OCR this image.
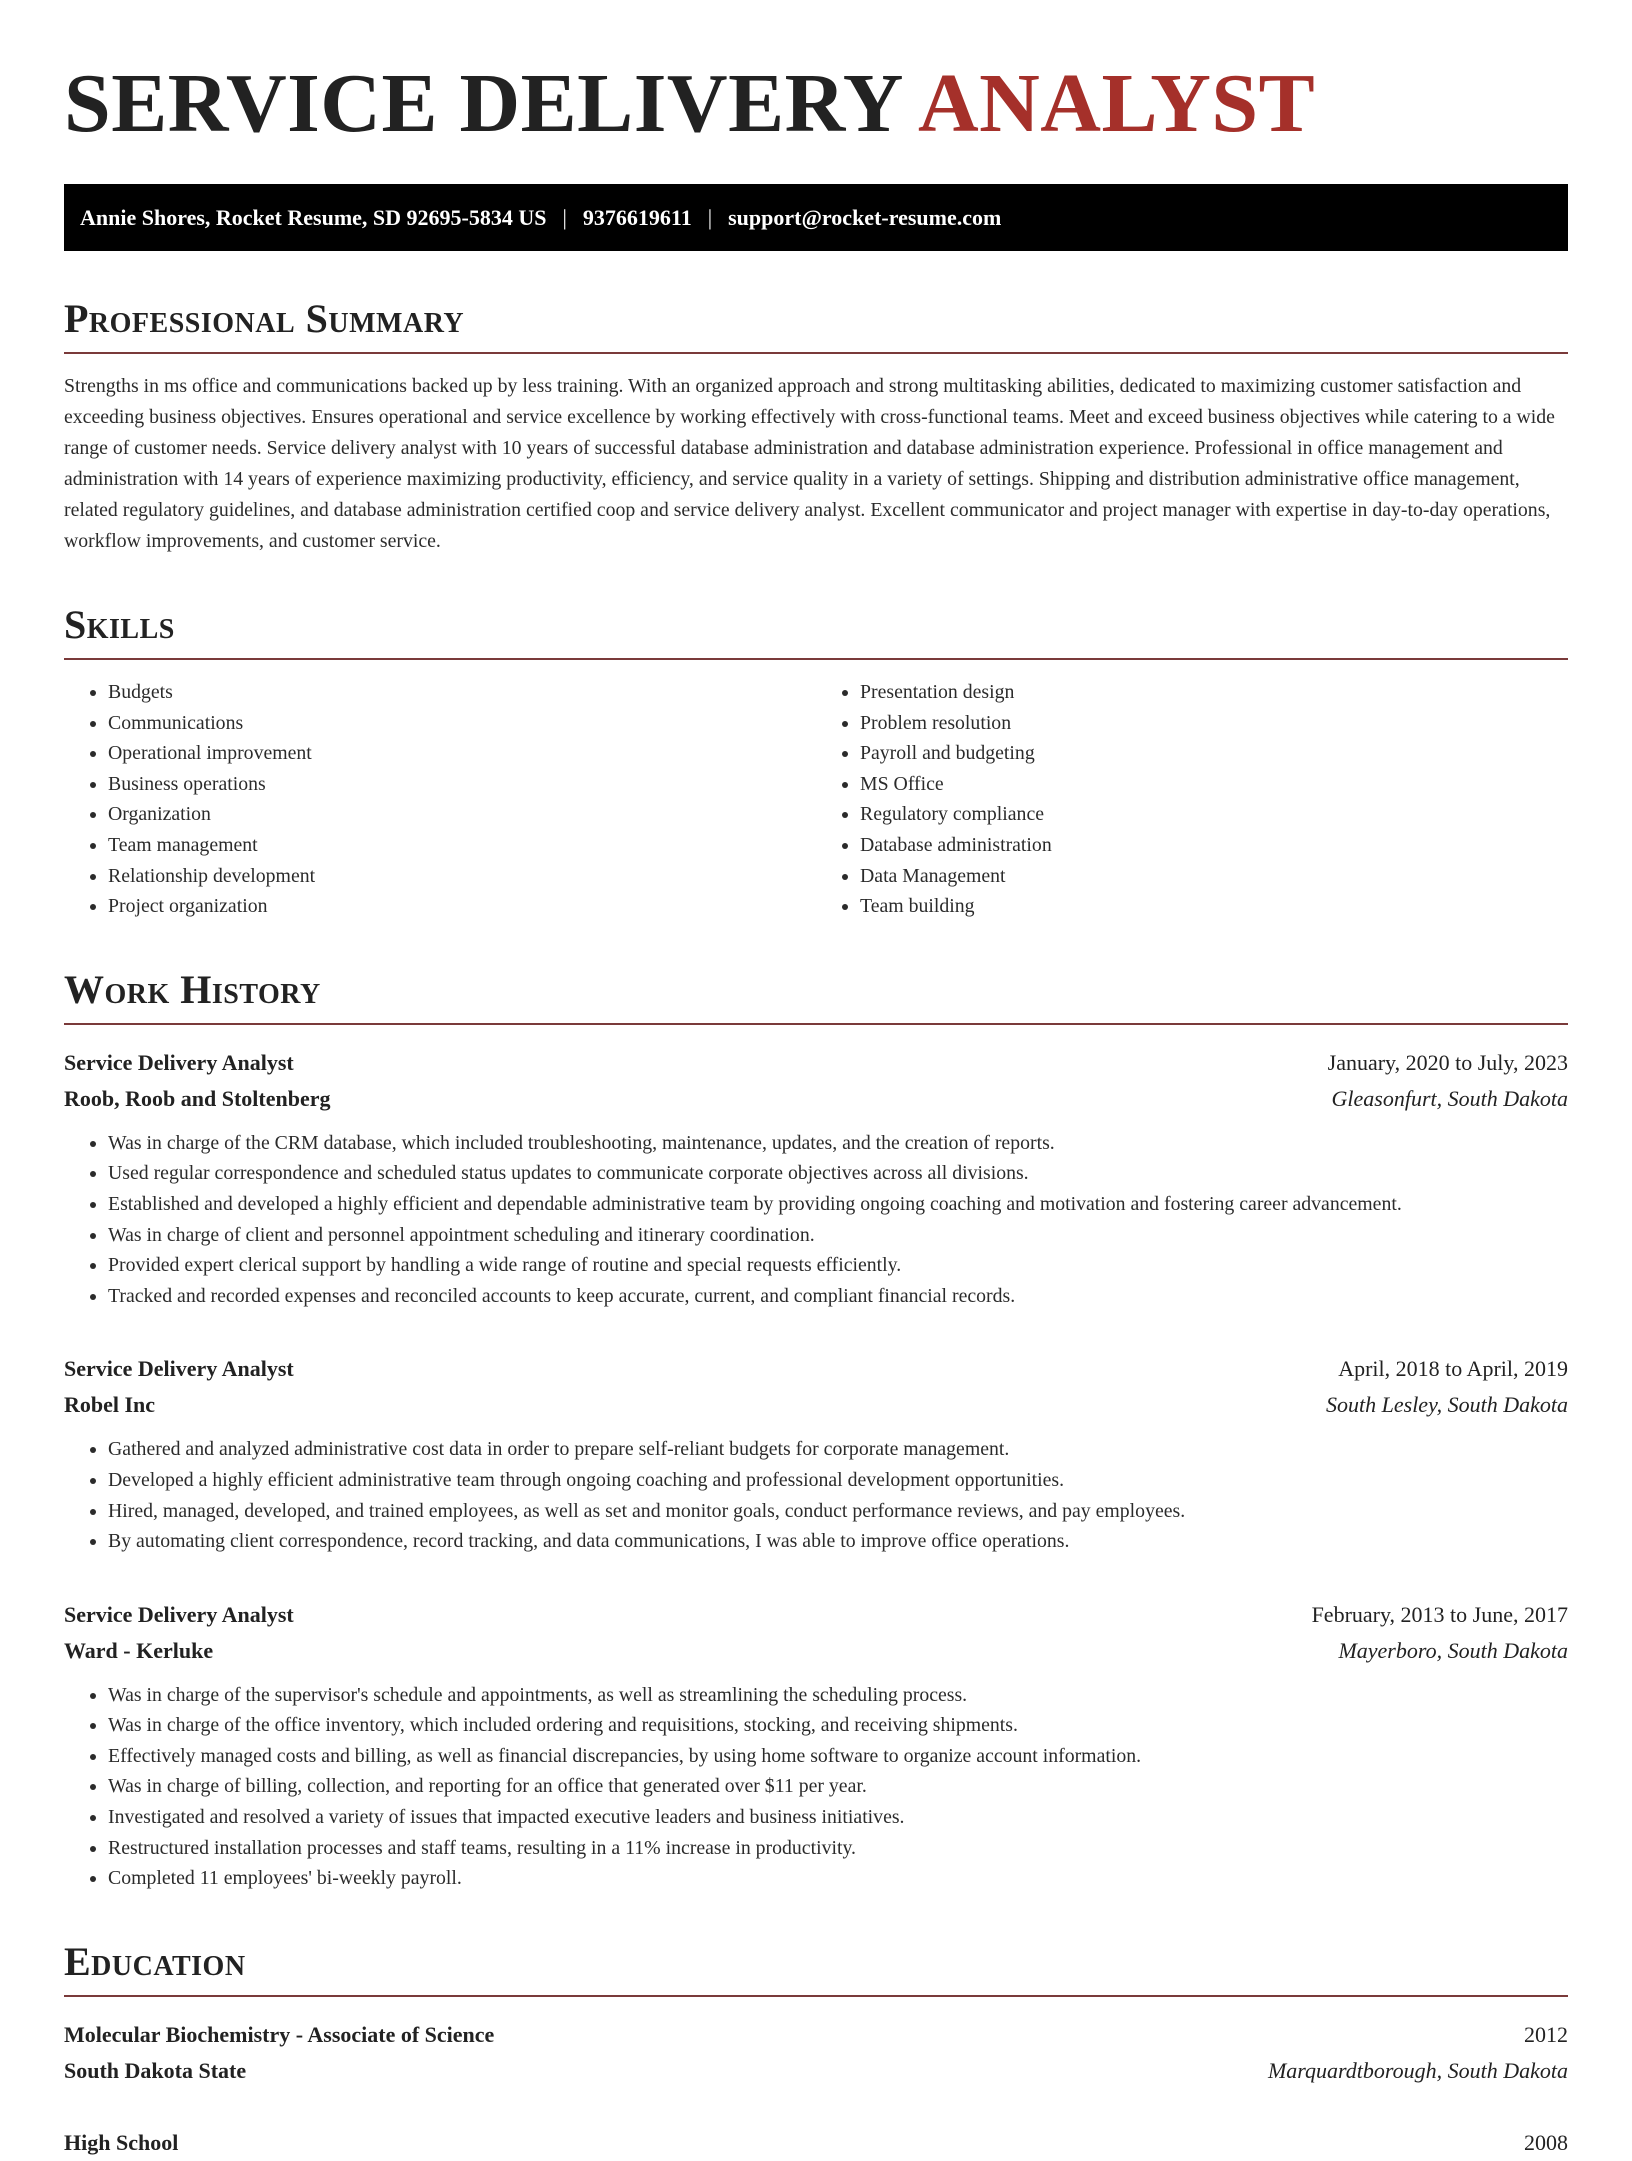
SERVICE DELIVERY ANALYST
Annie Shores, Rocket Resume, SD 92695-5834 US | 9376619611 | support@rocket-resume.com
Professional Summary

Strengths in ms office and communications backed up by less training. With an organized approach and strong multitasking abilities, dedicated to maximizing customer satisfaction and exceeding business objectives. Ensures operational and service excellence by working effectively with cross-functional teams. Meet and exceed business objectives while catering to a wide range of customer needs. Service delivery analyst with 10 years of successful database administration and database administration experience. Professional in office management and administration with 14 years of experience maximizing productivity, efficiency, and service quality in a variety of settings. Shipping and distribution administrative office management, related regulatory guidelines, and database administration certified coop and service delivery analyst. Excellent communicator and project manager with expertise in day-to-day operations, workflow improvements, and customer service.

Skills
• Budgets
• Communications
• Operational improvement
• Business operations
• Organization
• Team management
• Relationship development
• Project organization
• Presentation design
• Problem resolution
• Payroll and budgeting
• MS Office
• Regulatory compliance
• Database administration
• Data Management
• Team building
Work History
Service Delivery Analyst	January, 2020 to July, 2023
Roob, Roob and Stoltenberg	Gleasonfurt, South Dakota
• Was in charge of the CRM database, which included troubleshooting, maintenance, updates, and the creation of reports.
• Used regular correspondence and scheduled status updates to communicate corporate objectives across all divisions.
• Established and developed a highly efficient and dependable administrative team by providing ongoing coaching and motivation and fostering career advancement.
• Was in charge of client and personnel appointment scheduling and itinerary coordination.
• Provided expert clerical support by handling a wide range of routine and special requests efficiently.
• Tracked and recorded expenses and reconciled accounts to keep accurate, current, and compliant financial records.
Service Delivery Analyst	April, 2018 to April, 2019
Robel Inc	South Lesley, South Dakota
• Gathered and analyzed administrative cost data in order to prepare self-reliant budgets for corporate management.
• Developed a highly efficient administrative team through ongoing coaching and professional development opportunities.
• Hired, managed, developed, and trained employees, as well as set and monitor goals, conduct performance reviews, and pay employees.
• By automating client correspondence, record tracking, and data communications, I was able to improve office operations.
Service Delivery Analyst	February, 2013 to June, 2017
Ward - Kerluke	Mayerboro, South Dakota
• Was in charge of the supervisor's schedule and appointments, as well as streamlining the scheduling process.
• Was in charge of the office inventory, which included ordering and requisitions, stocking, and receiving shipments.
• Effectively managed costs and billing, as well as financial discrepancies, by using home software to organize account information.
• Was in charge of billing, collection, and reporting for an office that generated over $11 per year.
• Investigated and resolved a variety of issues that impacted executive leaders and business initiatives.
• Restructured installation processes and staff teams, resulting in a 11% increase in productivity.
• Completed 11 employees' bi-weekly payroll.
Education
Molecular Biochemistry - Associate of Science	2012
South Dakota State	Marquardtborough, South Dakota
High School	2008
